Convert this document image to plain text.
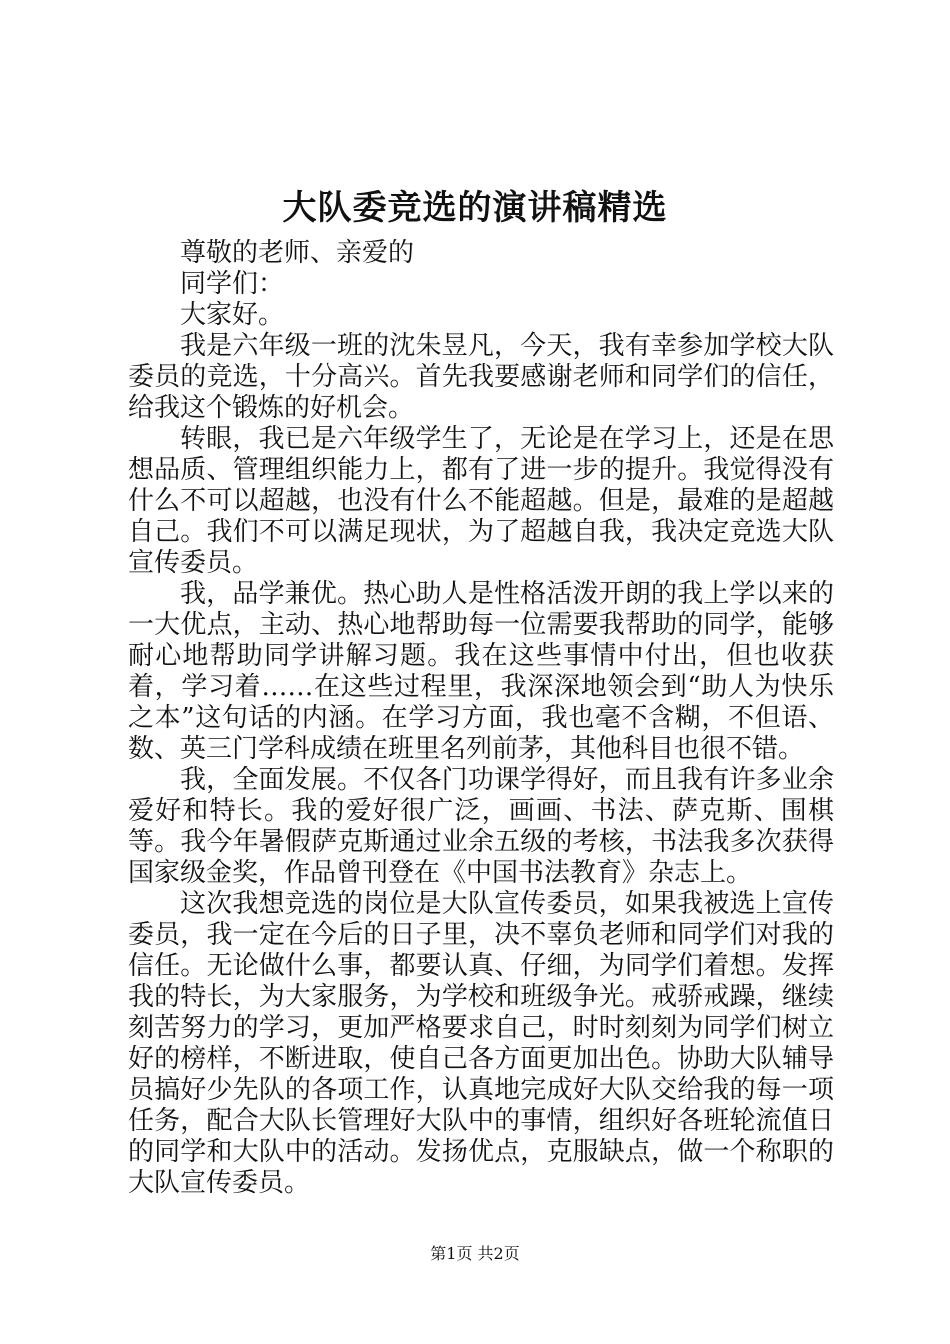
大队委竞选的演讲稿精选

尊敬的老师、亲爱的

同学们：

大家好。

我是六年级一班的沈朱昱凡，今天，我有幸参加学校大队委员的竞选，十分高兴。首先我要感谢老师和同学们的信任，给我这个锻炼的好机会。

转眼，我已是六年级学生了，无论是在学习上，还是在思想品质、管理组织能力上，都有了进一步的提升。我觉得没有什么不可以超越，也没有什么不能超越。但是，最难的是超越自己。我们不可以满足现状，为了超越自我，我决定竞选大队宣传委员。

我，品学兼优。热心助人是性格活泼开朗的我上学以来的一大优点，主动、热心地帮助每一位需要我帮助的同学，能够耐心地帮助同学讲解习题。我在这些事情中付出，但也收获着，学习着……在这些过程里，我深深地领会到“助人为快乐之本”这句话的内涵。在学习方面，我也毫不含糊，不但语、数、英三门学科成绩在班里名列前茅，其他科目也很不错。

我，全面发展。不仅各门功课学得好，而且我有许多业余爱好和特长。我的爱好很广泛，画画、书法、萨克斯、围棋等。我今年暑假萨克斯通过业余五级的考核，书法我多次获得国家级金奖，作品曾刊登在《中国书法教育》杂志上。

这次我想竞选的岗位是大队宣传委员，如果我被选上宣传委员，我一定在今后的日子里，决不辜负老师和同学们对我的信任。无论做什么事，都要认真、仔细，为同学们着想。发挥我的特长，为大家服务，为学校和班级争光。戒骄戒躁，继续刻苦努力的学习，更加严格要求自己，时时刻刻为同学们树立好的榜样，不断进取，使自己各方面更加出色。协助大队辅导员搞好少先队的各项工作，认真地完成好大队交给我的每一项任务，配合大队长管理好大队中的事情，组织好各班轮流值日的同学和大队中的活动。发扬优点，克服缺点，做一个称职的大队宣传委员。

第1页 共2页
